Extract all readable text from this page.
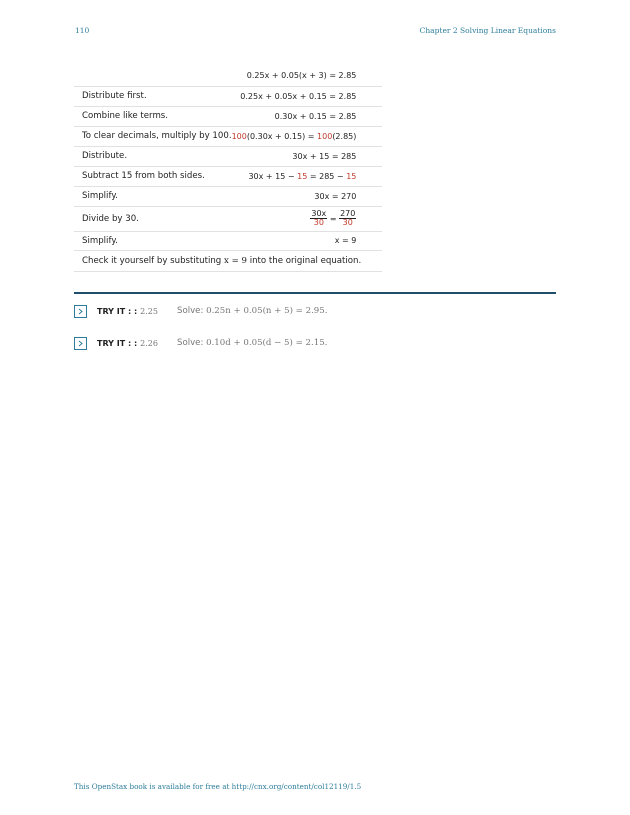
110	Chapter 2 Solving Linear Equations
	0.25x + 0.05(x + 3) = 2.85
Distribute first.	0.25x + 0.05x + 0.15 = 2.85
Combine like terms.	0.30x + 0.15 = 2.85
To clear decimals, multiply by 100.	100(0.30x + 0.15) = 100(2.85)
Distribute.	30x + 15 = 285
Subtract 15 from both sides.	30x + 15 − 15 = 285 − 15
Simplify.	30x = 270
Divide by 30.	$\frac{30x}{30} = \frac{270}{30}$

Simplify.	x = 9
Check it yourself by substituting x = 9 into the original equation.	
TRY IT : : 2.25 Solve: 0.25n + 0.05(n + 5) = 2.95.
TRY IT : : 2.26 Solve: 0.10d + 0.05(d − 5) = 2.15.
This OpenStax book is available for free at http://cnx.org/content/col12119/1.5
